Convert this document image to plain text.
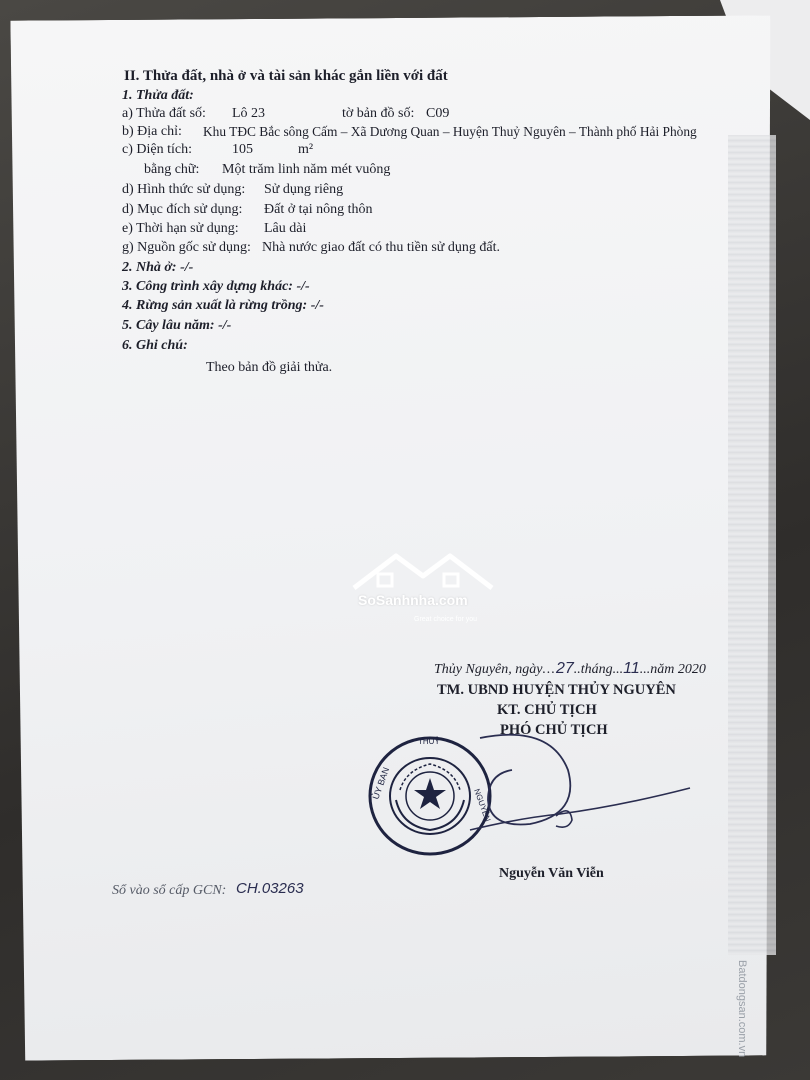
II. Thửa đất, nhà ở và tài sản khác gắn liền với đất
1. Thửa đất:
a) Thửa đất số: Lô 23	tờ bản đồ số: C09
b) Địa chỉ: Khu TĐC Bắc sông Cấm – Xã Dương Quan – Huyện Thuỷ Nguyên – Thành phố Hải Phòng
c) Diện tích:	105	m²
bằng chữ: Một trăm linh năm mét vuông
d) Hình thức sử dụng: Sử dụng riêng
d) Mục đích sử dụng: Đất ở tại nông thôn
e) Thời hạn sử dụng: Lâu dài
g) Nguồn gốc sử dụng: Nhà nước giao đất có thu tiền sử dụng đất.
2. Nhà ở: -/-
3. Công trình xây dựng khác: -/-
4. Rừng sản xuất là rừng trồng: -/-
5. Cây lâu năm: -/-
6. Ghi chú:
Theo bản đồ giải thửa.
SoSanhnha.com
Great choice for you
Thủy Nguyên, ngày...27..tháng...11...năm 2020
TM. UBND HUYỆN THỦY NGUYÊN
KT. CHỦ TỊCH
PHÓ CHỦ TỊCH
ỦY BAN
THUỶ
NGUYÊN
Nguyễn Văn Viễn
Sổ vào sổ cấp GCN: CH.03263
Batdongsan.com.vn
